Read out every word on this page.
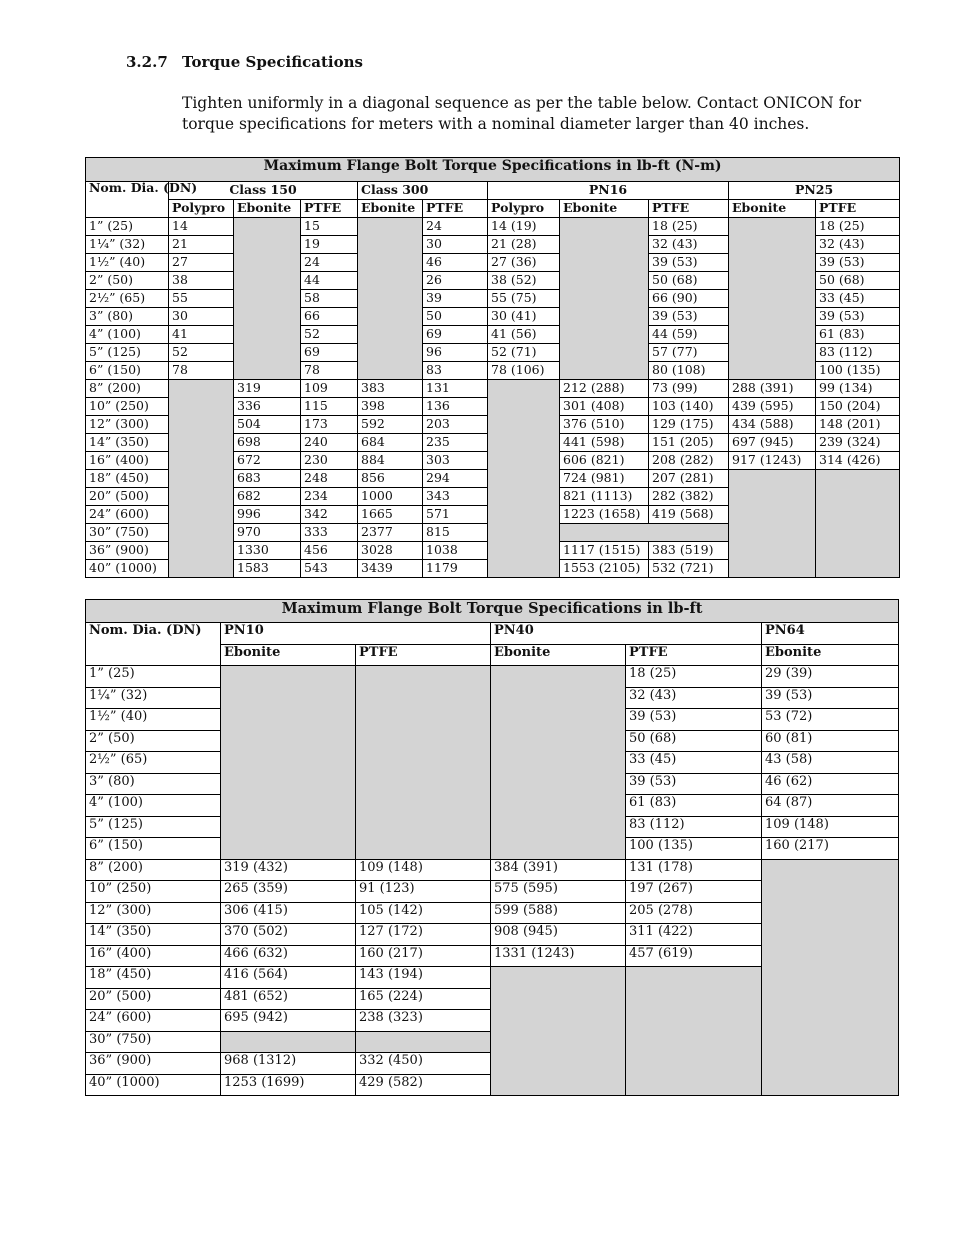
3.2.7 Torque Specifications
Tighten uniformly in a diagonal sequence as per the table below. Contact ONICON for torque specifications for meters with a nominal diameter larger than 40 inches.
Maximum Flange Bolt Torque Specifications in lb-ft (N-m)										
Nom. Dia. (DN)	Class 150			Class 300		PN16			PN25	
	Polypro	Ebonite	PTFE	Ebonite	PTFE	Polypro	Ebonite	PTFE	Ebonite	PTFE
1” (25)	14		15		24	14 (19)		18 (25)		18 (25)
1¼” (32)	21		19		30	21 (28)		32 (43)		32 (43)
1½” (40)	27		24		46	27 (36)		39 (53)		39 (53)
2” (50)	38		44		26	38 (52)		50 (68)		50 (68)
2½” (65)	55		58		39	55 (75)		66 (90)		33 (45)
3” (80)	30		66		50	30 (41)		39 (53)		39 (53)
4” (100)	41		52		69	41 (56)		44 (59)		61 (83)
5” (125)	52		69		96	52 (71)		57 (77)		83 (112)
6” (150)	78		78		83	78 (106)		80 (108)		100 (135)
8” (200)		319	109	383	131		212 (288)	73 (99)	288 (391)	99 (134)
10” (250)		336	115	398	136		301 (408)	103 (140)	439 (595)	150 (204)
12” (300)		504	173	592	203		376 (510)	129 (175)	434 (588)	148 (201)
14” (350)		698	240	684	235		441 (598)	151 (205)	697 (945)	239 (324)
16” (400)		672	230	884	303		606 (821)	208 (282)	917 (1243)	314 (426)
18” (450)		683	248	856	294		724 (981)	207 (281)		
20” (500)		682	234	1000	343		821 (1113)	282 (382)		
24” (600)		996	342	1665	571		1223 (1658)	419 (568)		
30” (750)		970	333	2377	815					
36” (900)		1330	456	3028	1038		1117 (1515)	383 (519)		
40” (1000)		1583	543	3439	1179		1553 (2105)	532 (721)		
Maximum Flange Bolt Torque Specifications in lb-ft					
Nom. Dia. (DN)	PN10		PN40		PN64
	Ebonite	PTFE	Ebonite	PTFE	Ebonite
1” (25)				18 (25)	29 (39)
1¼” (32)				32 (43)	39 (53)
1½” (40)				39 (53)	53 (72)
2” (50)				50 (68)	60 (81)
2½” (65)				33 (45)	43 (58)
3” (80)				39 (53)	46 (62)
4” (100)				61 (83)	64 (87)
5” (125)				83 (112)	109 (148)
6” (150)				100 (135)	160 (217)
8” (200)	319 (432)	109 (148)	384 (391)	131 (178)	
10” (250)	265 (359)	91 (123)	575 (595)	197 (267)	
12” (300)	306 (415)	105 (142)	599 (588)	205 (278)	
14” (350)	370 (502)	127 (172)	908 (945)	311 (422)	
16” (400)	466 (632)	160 (217)	1331 (1243)	457 (619)	
18” (450)	416 (564)	143 (194)			
20” (500)	481 (652)	165 (224)			
24” (600)	695 (942)	238 (323)			
30” (750)					
36” (900)	968 (1312)	332 (450)			
40” (1000)	1253 (1699)	429 (582)			
